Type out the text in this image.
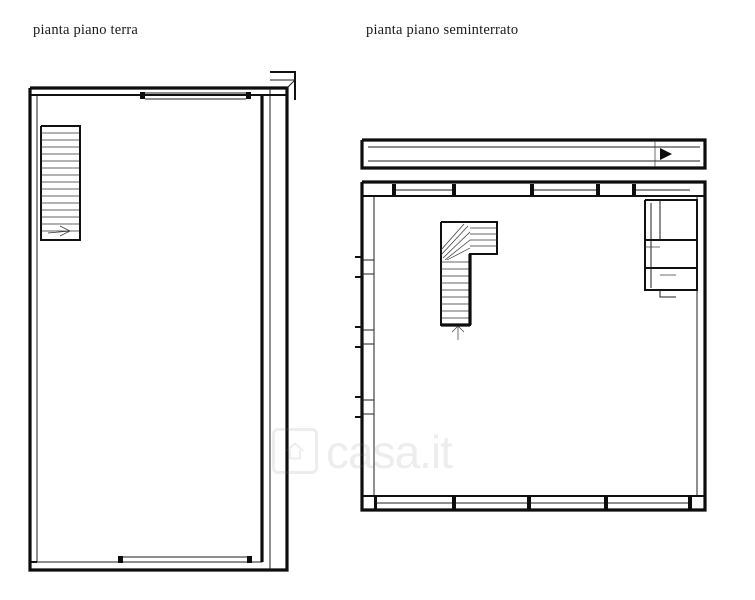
pianta piano terra	pianta piano seminterrato
casa.it
